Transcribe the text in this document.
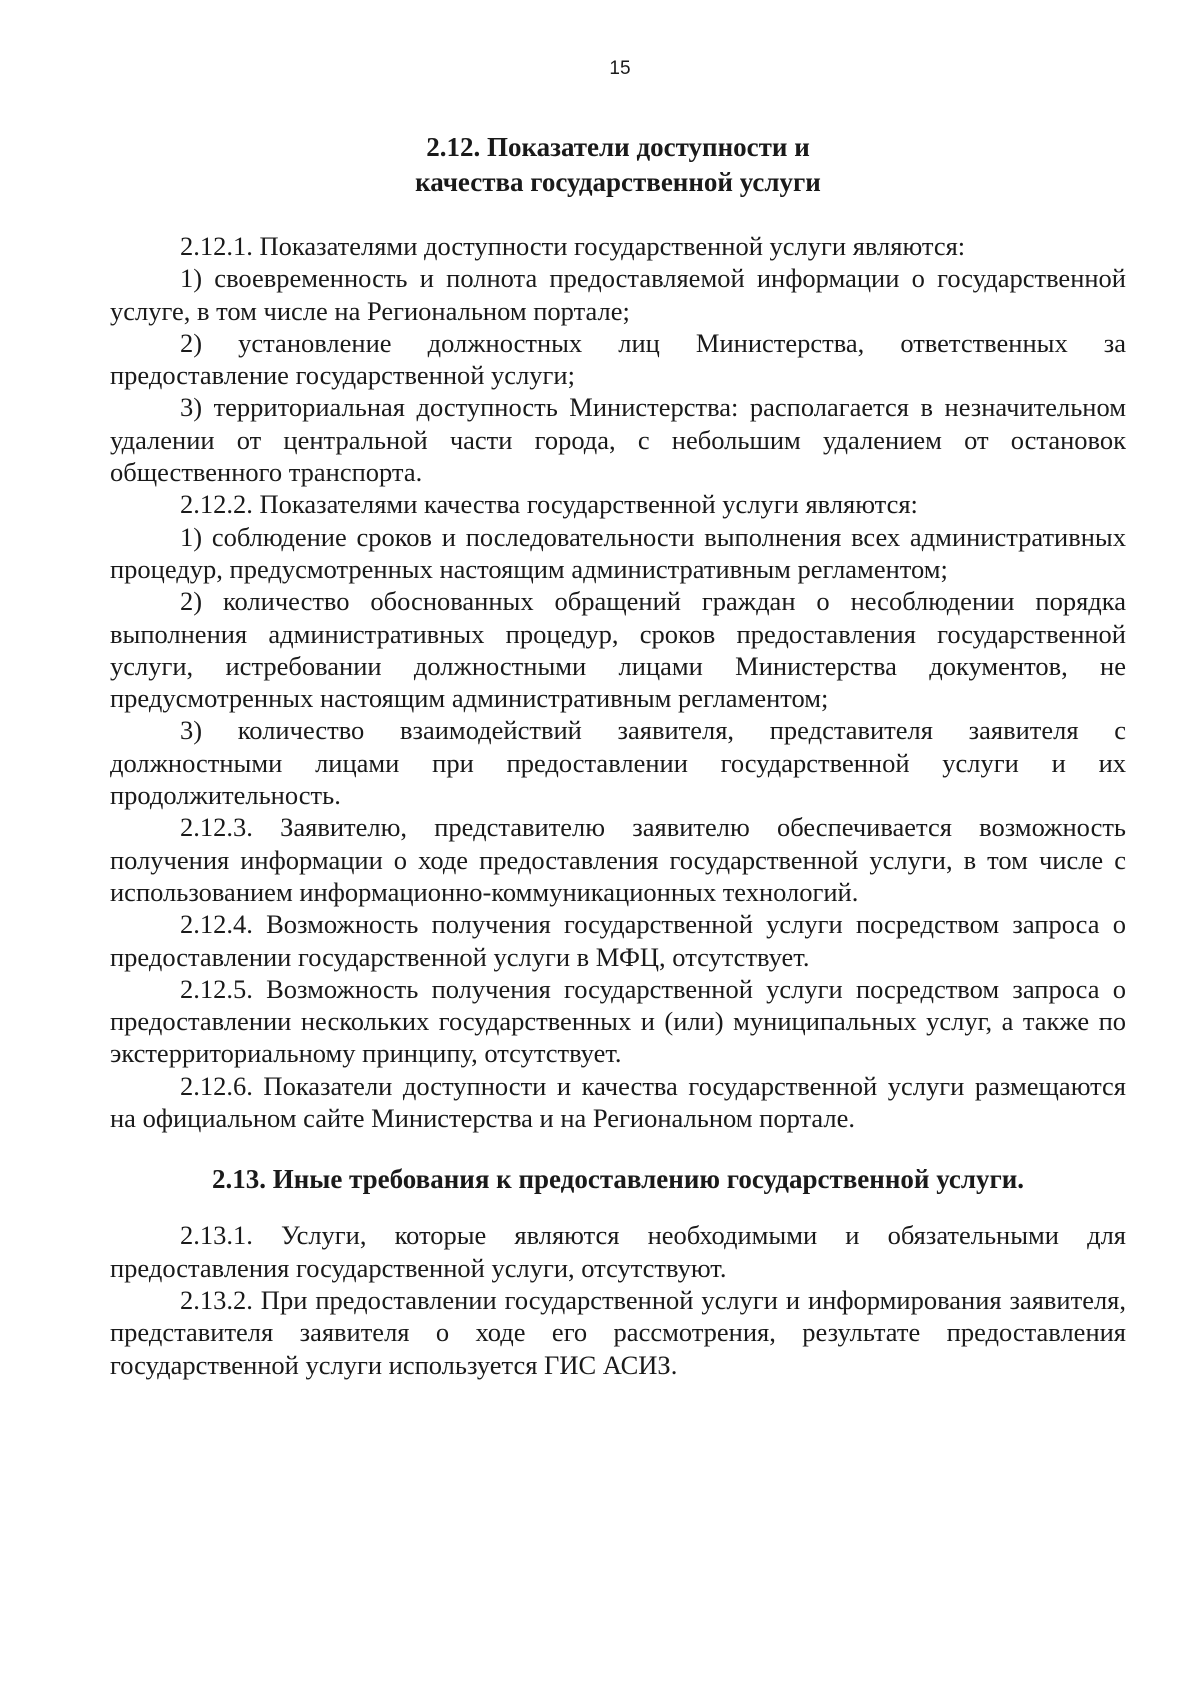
15
2.12. Показатели доступности и
качества государственной услуги

2.12.1. Показателями доступности государственной услуги являются:

1) своевременность и полнота предоставляемой информации о государственной услуге, в том числе на Региональном портале;

2) установление должностных лиц Министерства, ответственных за предоставление государственной услуги;

3) территориальная доступность Министерства: располагается в незначительном удалении от центральной части города, с небольшим удалением от остановок общественного транспорта.

2.12.2. Показателями качества государственной услуги являются:

1) соблюдение сроков и последовательности выполнения всех административных процедур, предусмотренных настоящим административным регламентом;

2) количество обоснованных обращений граждан о несоблюдении порядка выполнения административных процедур, сроков предоставления государственной услуги, истребовании должностными лицами Министерства документов, не предусмотренных настоящим административным регламентом;

3) количество взаимодействий заявителя, представителя заявителя с должностными лицами при предоставлении государственной услуги и их продолжительность.

2.12.3. Заявителю, представителю заявителю обеспечивается возможность получения информации о ходе предоставления государственной услуги, в том числе с использованием информационно-коммуникационных технологий.

2.12.4. Возможность получения государственной услуги посредством запроса о предоставлении государственной услуги в МФЦ, отсутствует.

2.12.5. Возможность получения государственной услуги посредством запроса о предоставлении нескольких государственных и (или) муниципальных услуг, а также по экстерриториальному принципу, отсутствует.

2.12.6. Показатели доступности и качества государственной услуги размещаются на официальном сайте Министерства и на Региональном портале.

2.13. Иные требования к предоставлению государственной услуги.

2.13.1. Услуги, которые являются необходимыми и обязательными для предоставления государственной услуги, отсутствуют.

2.13.2. При предоставлении государственной услуги и информирования заявителя, представителя заявителя о ходе его рассмотрения, результате предоставления государственной услуги используется ГИС АСИЗ.
